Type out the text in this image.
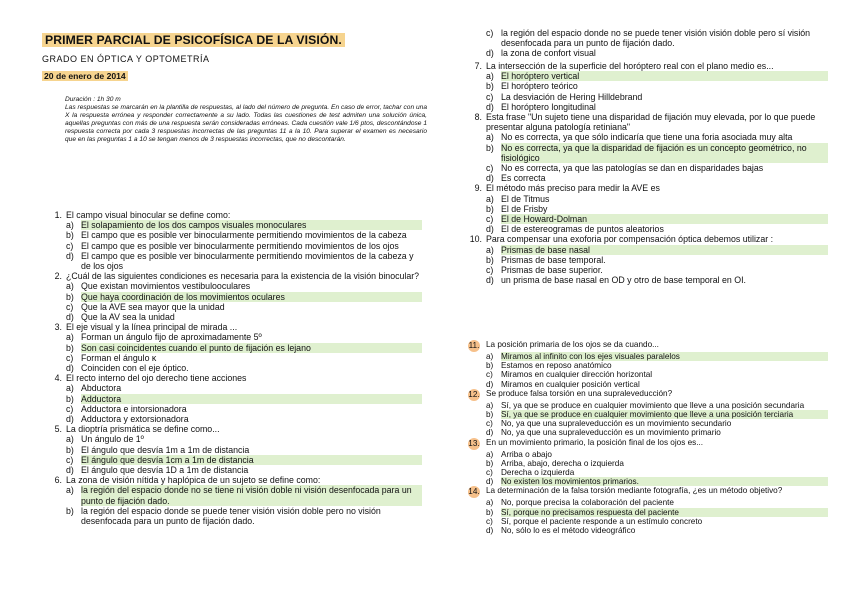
PRIMER PARCIAL DE PSICOFÍSICA DE LA VISIÓN.
GRADO EN ÓPTICA Y OPTOMETRÍA
20 de enero de 2014
Duración : 1h 30 m
Las respuestas se marcarán en la plantilla de respuestas, al lado del número de pregunta. En caso de error, tachar con una X la respuesta errónea y responder correctamente a su lado. Todas las cuestiones de test admiten una solución única, aquellas preguntas con más de una respuesta serán consideradas erróneas. Cada cuestión vale 1/6 ptos, descontándose 1 respuesta correcta por cada 3 respuestas incorrectas de las preguntas 11 a la 10. Para superar el examen es necesario que en las preguntas 1 a 10 se tengan menos de 3 respuestas incorrectas, que no descontarán.
1. El campo visual binocular se define como:
a) El solapamiento de los dos campos visuales monoculares
b) El campo que es posible ver binocularmente permitiendo movimientos de la cabeza
c) El campo que es posible ver binocularmente permitiendo movimientos de los ojos
d) El campo que es posible ver binocularmente permitiendo movimientos de la cabeza y de los ojos
2. ¿Cuál de las siguientes condiciones es necesaria para la existencia de la visión binocular?
a) Que existan movimientos vestibulooculares
b) Que haya coordinación de los movimientos oculares
c) Que la AVE sea mayor que la unidad
d) Que la AV sea la unidad
3. El eje visual y la línea principal de mirada ...
a) Forman un ángulo fijo de aproximadamente 5º
b) Son casi coincidentes cuando el punto de fijación es lejano
c) Forman el ángulo κ
d) Coinciden con el eje óptico.
4. El recto interno del ojo derecho tiene acciones
a) Abductora
b) Adductora
c) Adductora e intorsionadora
d) Adductora y extorsionadora
5. La dioptría prismática se define como...
a) Un ángulo de 1º
b) El ángulo que desvía 1m a 1m de distancia
c) El ángulo que desvía 1cm a 1m de distancia
d) El ángulo que desvía 1D a 1m de distancia
6. La zona de visión nítida y haplópica de un sujeto se define como:
a) la región del espacio donde no se tiene ni visión doble ni visión desenfocada para un punto de fijación dado.
b) la región del espacio donde se puede tener visión visión doble pero no visión desenfocada para un punto de fijación dado.
c) la región del espacio donde no se puede tener visión visión doble pero sí visión desenfocada para un punto de fijación dado.
d) la zona de confort visual
7. La intersección de la superficie del horóptero real con el plano medio es...
a) El horóptero vertical
b) El horóptero teórico
c) La desviación de Hering Hilldebrand
d) El horóptero longitudinal
8. Esta frase "Un sujeto tiene una disparidad de fijación muy elevada, por lo que puede presentar alguna patología retiniana"
a) No es correcta, ya que sólo indicaría que tiene una foria asociada muy alta
b) No es correcta, ya que la disparidad de fijación es un concepto geométrico, no fisiológico
c) No es correcta, ya que las patologías se dan en disparidades bajas
d) Es correcta
9. El método más preciso para medir la AVE es
a) El de Titmus
b) El de Frisby
c) El de Howard-Dolman
d) El de estereogramas de puntos aleatorios
10. Para compensar una exoforia por compensación óptica debemos utilizar :
a) Prismas de base nasal
b) Prismas de base temporal.
c) Prismas de base superior.
d) un prisma de base nasal en OD y otro de base temporal en OI.
11. La posición primaria de los ojos se da cuando...
a) Miramos al infinito con los ejes visuales paralelos
b) Estamos en reposo anatómico
c) Miramos en cualquier dirección horizontal
d) Miramos en cualquier posición vertical
12. Se produce falsa torsión en una supraleveducción?
a) Sí, ya que se produce en cualquier movimiento que lleve a una posición secundaria
b) Sí, ya que se produce en cualquier movimiento que lleve a una posición terciaria
c) No, ya que una supraleveducción es un movimiento secundario
d) No, ya que una supraleveducción es un movimiento primario
13. En un movimiento primario, la posición final de los ojos es...
a) Arriba o abajo
b) Arriba, abajo, derecha o izquierda
c) Derecha o izquierda
d) No existen los movimientos primarios.
14. La determinación de la falsa torsión mediante fotografía, ¿es un método objetivo?
a) No, porque precisa la colaboración del paciente
b) Sí, porque no precisamos respuesta del paciente
c) Sí, porque el paciente responde a un estímulo concreto
d) No, sólo lo es el método videográfico
